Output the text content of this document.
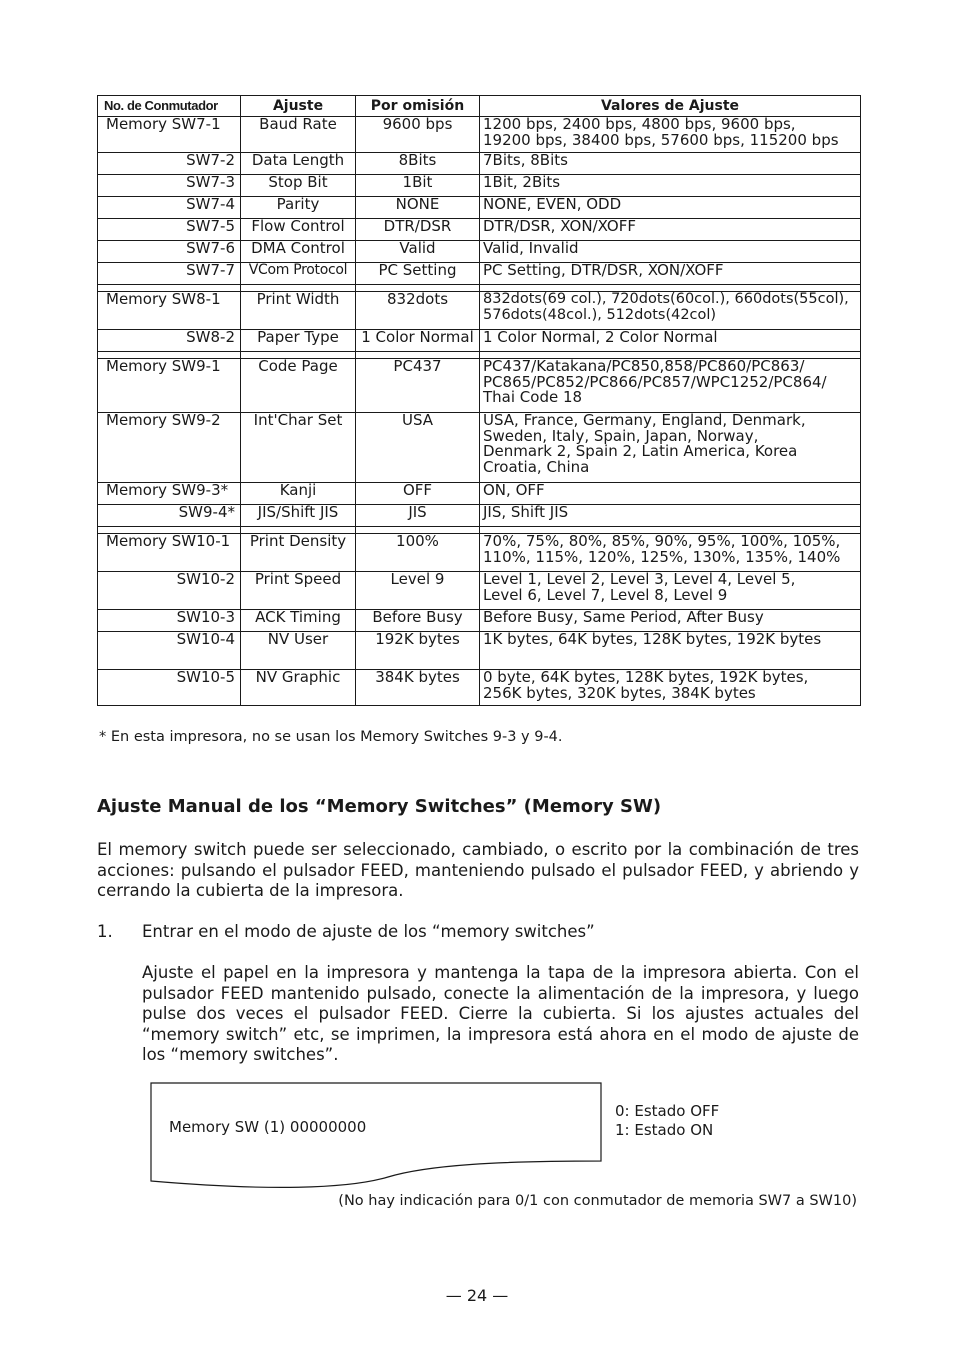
No. de Conmutador	Ajuste	Por omisión	Valores de Ajuste
Memory SW7-1	Baud Rate	9600 bps	1200 bps, 2400 bps, 4800 bps, 9600 bps,
19200 bps, 38400 bps, 57600 bps, 115200 bps
SW7-2	Data Length	8Bits	7Bits, 8Bits
SW7-3	Stop Bit	1Bit	1Bit, 2Bits
SW7-4	Parity	NONE	NONE, EVEN, ODD
SW7-5	Flow Control	DTR/DSR	DTR/DSR, XON/XOFF
SW7-6	DMA Control	Valid	Valid, Invalid
SW7-7	VCom Protocol	PC Setting	PC Setting, DTR/DSR, XON/XOFF

Memory SW8-1	Print Width	832dots	832dots(69 col.), 720dots(60col.), 660dots(55col),
576dots(48col.), 512dots(42col)
SW8-2	Paper Type	1 Color Normal	1 Color Normal, 2 Color Normal

Memory SW9-1	Code Page	PC437	PC437/Katakana/PC850,858/PC860/PC863/
PC865/PC852/PC866/PC857/WPC1252/PC864/
Thai Code 18
Memory SW9-2	Int'Char Set	USA	USA, France, Germany, England, Denmark,
Sweden, Italy, Spain, Japan, Norway,
Denmark 2, Spain 2, Latin America, Korea
Croatia, China
Memory SW9-3*	Kanji	OFF	ON, OFF
SW9-4*	JIS/Shift JIS	JIS	JIS, Shift JIS

Memory SW10-1	Print Density	100%	70%, 75%, 80%, 85%, 90%, 95%, 100%, 105%,
110%, 115%, 120%, 125%, 130%, 135%, 140%
SW10-2	Print Speed	Level 9	Level 1, Level 2, Level 3, Level 4, Level 5,
Level 6, Level 7, Level 8, Level 9
SW10-3	ACK Timing	Before Busy	Before Busy, Same Period, After Busy
SW10-4	NV User	192K bytes	1K bytes, 64K bytes, 128K bytes, 192K bytes
SW10-5	NV Graphic	384K bytes	0 byte, 64K bytes, 128K bytes, 192K bytes,
256K bytes, 320K bytes, 384K bytes
* En esta impresora, no se usan los Memory Switches 9-3 y 9-4.
Ajuste Manual de los “Memory Switches” (Memory SW)

El memory switch puede ser seleccionado, cambiado, o escrito por la combinación de tres acciones: pulsando el pulsador FEED, manteniendo pulsado el pulsador FEED, y abriendo y cerrando la cubierta de la impresora.

1. Entrar en el modo de ajuste de los “memory switches”

Ajuste el papel en la impresora y mantenga la tapa de la impresora abierta. Con el pulsador FEED mantenido pulsado, conecte la alimentación de la impresora, y luego pulse dos veces el pulsador FEED. Cierre la cubierta. Si los ajustes actuales del “memory switch” etc, se imprimen, la impresora está ahora en el modo de ajuste de los “memory switches”.

Memory SW (1) 00000000
0: Estado OFF
1: Estado ON
(No hay indicación para 0/1 con conmutador de memoria SW7 a SW10)
— 24 —
